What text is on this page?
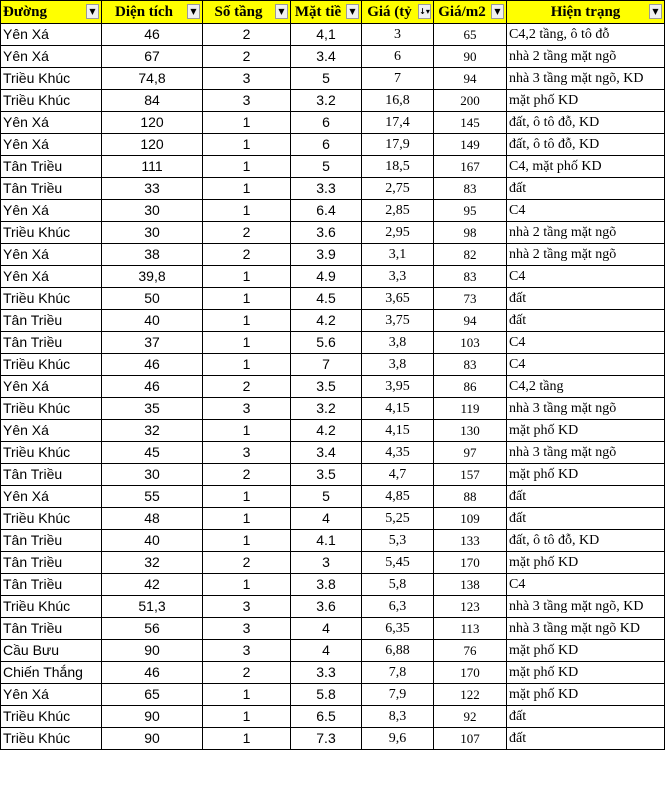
Đường ▼	Diện tích ▼	Số tầng ▼	Mặt tiề ▼	Giá (tỷ ↓▾	Giá/m2 ▼	Hiện trạng ▼

Yên Xá	46	2	4,1	3	65	C4,2 tầng, ô tô đỗ
Yên Xá	67	2	3.4	6	90	nhà 2 tầng mặt ngõ
Triều Khúc	74,8	3	5	7	94	nhà 3 tầng mặt ngõ, KD
Triều Khúc	84	3	3.2	16,8	200	mặt phố KD
Yên Xá	120	1	6	17,4	145	đất, ô tô đỗ, KD
Yên Xá	120	1	6	17,9	149	đất, ô tô đỗ, KD
Tân Triều	111	1	5	18,5	167	C4, mặt phố KD
Tân Triều	33	1	3.3	2,75	83	đất
Yên Xá	30	1	6.4	2,85	95	C4
Triều Khúc	30	2	3.6	2,95	98	nhà 2 tầng mặt ngõ
Yên Xá	38	2	3.9	3,1	82	nhà 2 tầng mặt ngõ
Yên Xá	39,8	1	4.9	3,3	83	C4
Triều Khúc	50	1	4.5	3,65	73	đất
Tân Triều	40	1	4.2	3,75	94	đất
Tân Triều	37	1	5.6	3,8	103	C4
Triều Khúc	46	1	7	3,8	83	C4
Yên Xá	46	2	3.5	3,95	86	C4,2 tầng
Triều Khúc	35	3	3.2	4,15	119	nhà 3 tầng mặt ngõ
Yên Xá	32	1	4.2	4,15	130	mặt phố KD
Triều Khúc	45	3	3.4	4,35	97	nhà 3 tầng mặt ngõ
Tân Triều	30	2	3.5	4,7	157	mặt phố KD
Yên Xá	55	1	5	4,85	88	đất
Triều Khúc	48	1	4	5,25	109	đất
Tân Triều	40	1	4.1	5,3	133	đất, ô tô đỗ, KD
Tân Triều	32	2	3	5,45	170	mặt phố KD
Tân Triều	42	1	3.8	5,8	138	C4
Triều Khúc	51,3	3	3.6	6,3	123	nhà 3 tầng mặt ngõ, KD
Tân Triều	56	3	4	6,35	113	nhà 3 tầng mặt ngõ KD
Cầu Bưu	90	3	4	6,88	76	mặt phố KD
Chiến Thắng	46	2	3.3	7,8	170	mặt phố KD
Yên Xá	65	1	5.8	7,9	122	mặt phố KD
Triều Khúc	90	1	6.5	8,3	92	đất
Triều Khúc	90	1	7.3	9,6	107	đất
